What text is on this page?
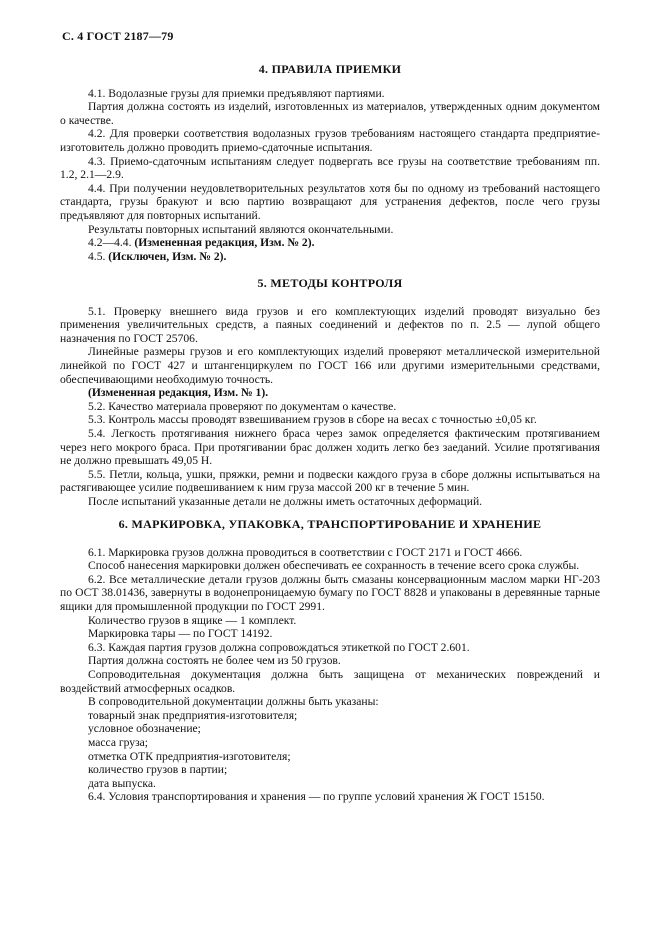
С. 4 ГОСТ 2187—79

4. ПРАВИЛА ПРИЕМКИ

4.1. Водолазные грузы для приемки предъявляют партиями.

Партия должна состоять из изделий, изготовленных из материалов, утвержденных одним документом о качестве.

4.2. Для проверки соответствия водолазных грузов требованиям настоящего стандарта предприятие-изготовитель должно проводить приемо-сдаточные испытания.

4.3. Приемо-сдаточным испытаниям следует подвергать все грузы на соответствие требованиям пп. 1.2, 2.1—2.9.

4.4. При получении неудовлетворительных результатов хотя бы по одному из требований настоящего стандарта, грузы бракуют и всю партию возвращают для устранения дефектов, после чего грузы предъявляют для повторных испытаний.

Результаты повторных испытаний являются окончательными.

4.2—4.4. (Измененная редакция, Изм. № 2).

4.5. (Исключен, Изм. № 2).

5. МЕТОДЫ КОНТРОЛЯ

5.1. Проверку внешнего вида грузов и его комплектующих изделий проводят визуально без применения увеличительных средств, а паяных соединений и дефектов по п. 2.5 — лупой общего назначения по ГОСТ 25706.

Линейные размеры грузов и его комплектующих изделий проверяют металлической измерительной линейкой по ГОСТ 427 и штангенциркулем по ГОСТ 166 или другими измерительными средствами, обеспечивающими необходимую точность.

(Измененная редакция, Изм. № 1).

5.2. Качество материала проверяют по документам о качестве.

5.3. Контроль массы проводят взвешиванием грузов в сборе на весах с точностью ±0,05 кг.

5.4. Легкость протягивания нижнего браса через замок определяется фактическим протягиванием через него мокрого браса. При протягивании брас должен ходить легко без заеданий. Усилие протягивания не должно превышать 49,05 Н.

5.5. Петли, кольца, ушки, пряжки, ремни и подвески каждого груза в сборе должны испытываться на растягивающее усилие подвешиванием к ним груза массой 200 кг в течение 5 мин.

После испытаний указанные детали не должны иметь остаточных деформаций.

6. МАРКИРОВКА, УПАКОВКА, ТРАНСПОРТИРОВАНИЕ И ХРАНЕНИЕ

6.1. Маркировка грузов должна проводиться в соответствии с ГОСТ 2171 и ГОСТ 4666.

Способ нанесения маркировки должен обеспечивать ее сохранность в течение всего срока службы.

6.2. Все металлические детали грузов должны быть смазаны консервационным маслом марки НГ-203 по ОСТ 38.01436, завернуты в водонепроницаемую бумагу по ГОСТ 8828 и упакованы в деревянные тарные ящики для промышленной продукции по ГОСТ 2991.

Количество грузов в ящике — 1 комплект.

Маркировка тары — по ГОСТ 14192.

6.3. Каждая партия грузов должна сопровождаться этикеткой по ГОСТ 2.601.

Партия должна состоять не более чем из 50 грузов.

Сопроводительная документация должна быть защищена от механических повреждений и воздействий атмосферных осадков.

В сопроводительной документации должны быть указаны:

товарный знак предприятия-изготовителя;

условное обозначение;

масса груза;

отметка ОТК предприятия-изготовителя;

количество грузов в партии;

дата выпуска.

6.4. Условия транспортирования и хранения — по группе условий хранения Ж ГОСТ 15150.
